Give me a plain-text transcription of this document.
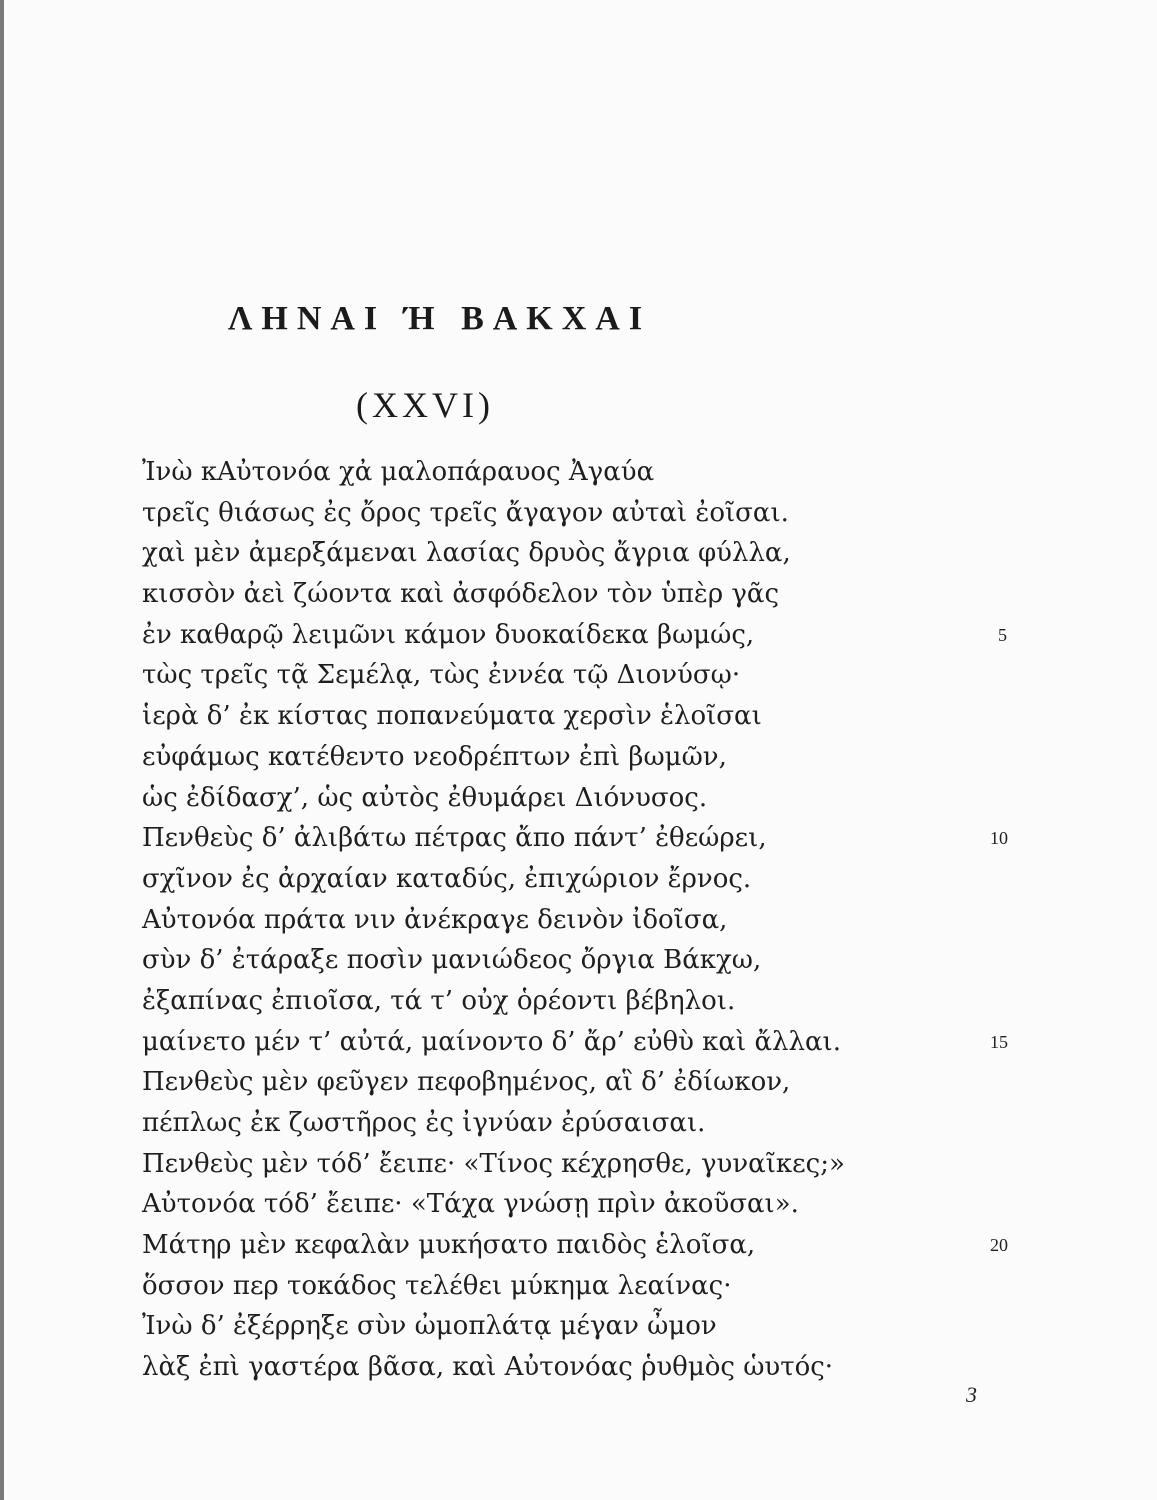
ΛΗΝΑΙ Ή ΒΑΚΧΑΙ
(XXVI)
Ἰνὼ κΑὐτονόα χἀ μαλοπάραυος Ἀγαύα
τρεῖς θιάσως ἐς ὄρος τρεῖς ἄγαγον αὐταὶ ἐοῖσαι.
χαὶ μὲν ἀμερξάμεναι λασίας δρυὸς ἄγρια φύλλα,
κισσὸν ἀεὶ ζώοντα καὶ ἀσφόδελον τὸν ὑπὲρ γᾶς
ἐν καθαρῷ λειμῶνι κάμον δυοκαίδεκα βωμώς,	5
τὼς τρεῖς τᾷ Σεμέλᾳ, τὼς ἐννέα τῷ Διονύσῳ·
ἱερὰ δ’ ἐκ κίστας ποπανεύματα χερσὶν ἑλοῖσαι
εὐφάμως κατέθεντο νεοδρέπτων ἐπὶ βωμῶν,
ὡς ἐδίδασχ’, ὡς αὐτὸς ἐθυμάρει Διόνυσος.
Πενθεὺς δ’ ἀλιβάτω πέτρας ἄπο πάντ’ ἐθεώρει,	10
σχῖνον ἐς ἀρχαίαν καταδύς, ἐπιχώριον ἔρνος.
Αὐτονόα πράτα νιν ἀνέκραγε δεινὸν ἰδοῖσα,
σὺν δ’ ἐτάραξε ποσὶν μανιώδεος ὄργια Βάκχω,
ἐξαπίνας ἐπιοῖσα, τά τ’ οὐχ ὁρέοντι βέβηλοι.
μαίνετο μέν τ’ αὐτά, μαίνοντο δ’ ἄρ’ εὐθὺ καὶ ἄλλαι.	15
Πενθεὺς μὲν φεῦγεν πεφοβημένος, αἳ δ’ ἐδίωκον,
πέπλως ἐκ ζωστῆρος ἐς ἰγνύαν ἐρύσαισαι.
Πενθεὺς μὲν τόδ’ ἔειπε· «Τίνος κέχρησθε, γυναῖκες;»
Αὐτονόα τόδ’ ἔειπε· «Τάχα γνώσῃ πρὶν ἀκοῦσαι».
Μάτηρ μὲν κεφαλὰν μυκήσατο παιδὸς ἑλοῖσα,	20
ὅσσον περ τοκάδος τελέθει μύκημα λεαίνας·
Ἰνὼ δ’ ἐξέρρηξε σὺν ὠμοπλάτᾳ μέγαν ὦμον
λὰξ ἐπὶ γαστέρα βᾶσα, καὶ Αὐτονόας ῥυθμὸς ὡυτός·
3
